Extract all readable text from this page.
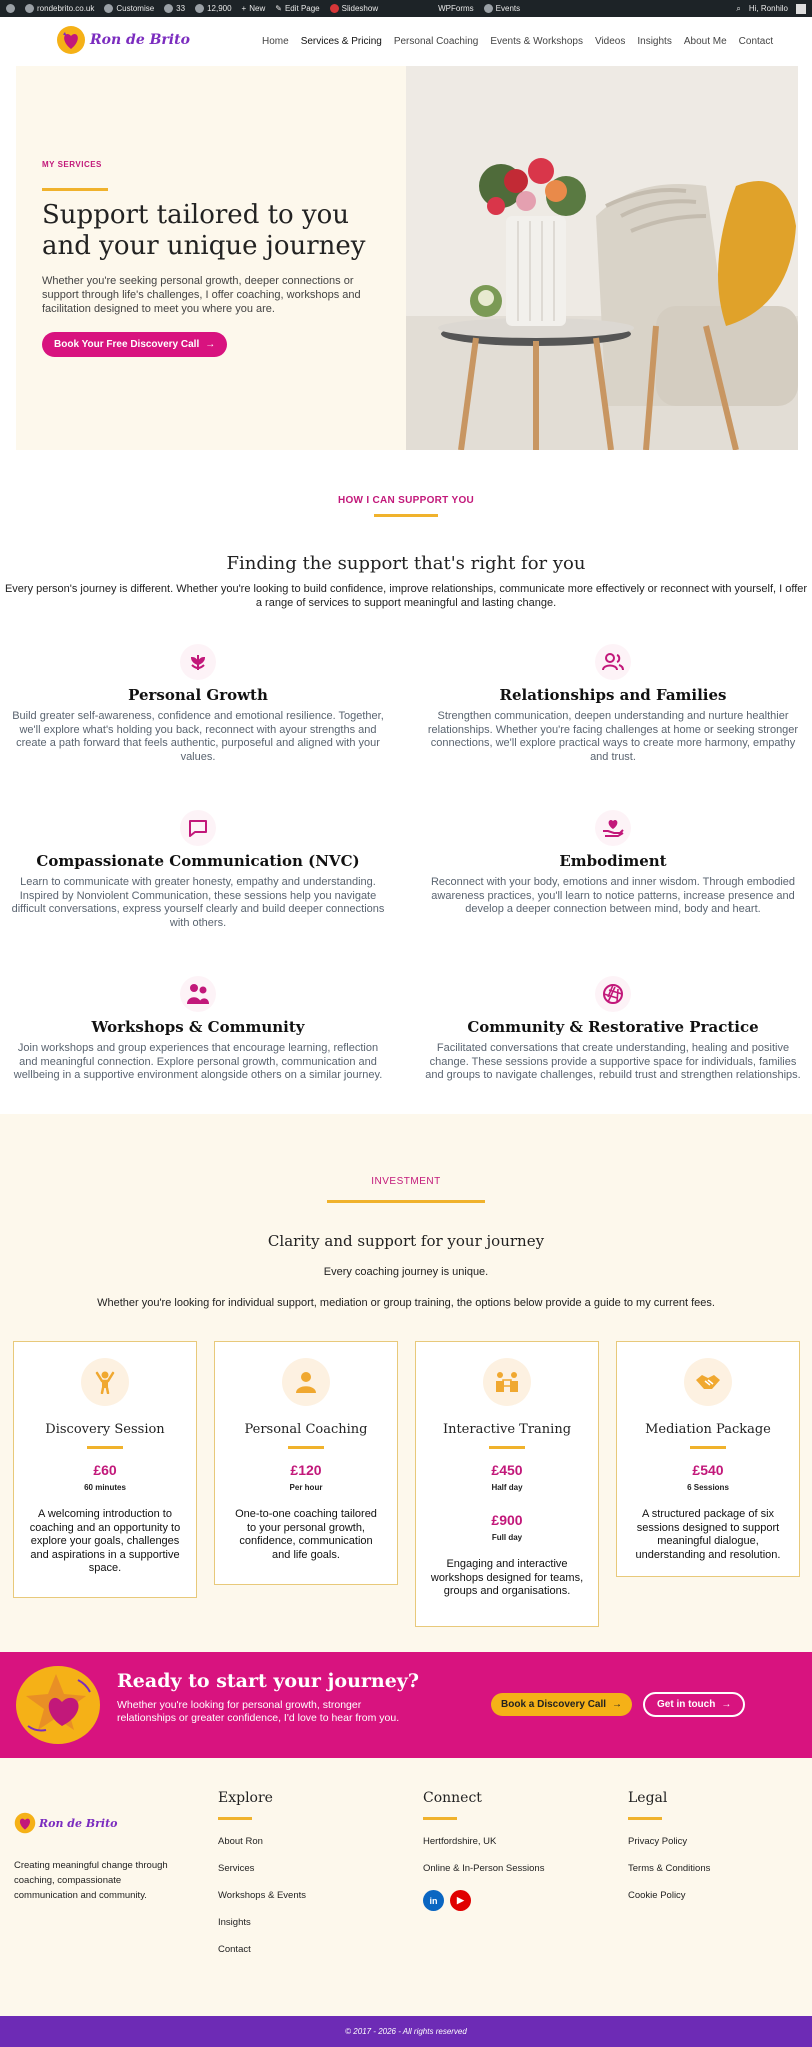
rondebrito.co.uk	Customise	33	12,900 + New ✎ Edit Page	Slideshow	WPForms	Events	⌕ Hi, Ronhilo
Ron de Brito	Home Services & Pricing Personal Coaching Events & Workshops Videos Insights About Me Contact
MY SERVICES
Support tailored to you and your unique journey

Whether you're seeking personal growth, deeper connections or support through life's challenges, I offer coaching, workshops and facilitation designed to meet you where you are.

Book Your Free Discovery Call →
HOW I CAN SUPPORT YOU
Finding the support that's right for you
Every person's journey is different. Whether you're looking to build confidence, improve relationships, communicate more effectively or reconnect with yourself, I offer a range of services to support meaningful and lasting change.
Personal Growth

Build greater self-awareness, confidence and emotional resilience. Together, we'll explore what's holding you back, reconnect with ayour strengths and create a path forward that feels authentic, purposeful and aligned with your values.

Relationships and Families

Strengthen communication, deepen understanding and nurture healthier relationships. Whether you're facing challenges at home or seeking stronger connections, we'll explore practical ways to create more harmony, empathy and trust.

Compassionate Communication (NVC)

Learn to communicate with greater honesty, empathy and understanding. Inspired by Nonviolent Communication, these sessions help you navigate difficult conversations, express yourself clearly and build deeper connections with others.

Embodiment

Reconnect with your body, emotions and inner wisdom. Through embodied awareness practices, you'll learn to notice patterns, increase presence and develop a deeper connection between mind, body and heart.

Workshops & Community

Join workshops and group experiences that encourage learning, reflection and meaningful connection. Explore personal growth, communication and wellbeing in a supportive environment alongside others on a similar journey.

Community & Restorative Practice

Facilitated conversations that create understanding, healing and positive change. These sessions provide a supportive space for individuals, families and groups to navigate challenges, rebuild trust and strengthen relationships.

INVESTMENT
Clarity and support for your journey
Every coaching journey is unique.
Whether you're looking for individual support, mediation or group training, the options below provide a guide to my current fees.
Discovery Session
£60
60 minutes
A welcoming introduction to coaching and an opportunity to explore your goals, challenges and aspirations in a supportive space.
Personal Coaching
£120
Per hour
One-to-one coaching tailored to your personal growth, confidence, communication and life goals.
Interactive Traning
£450
Half day
£900
Full day
Engaging and interactive workshops designed for teams, groups and organisations.
Mediation Package
£540
6 Sessions
A structured package of six sessions designed to support meaningful dialogue, understanding and resolution.
Ready to start your journey?

Whether you're looking for personal growth, stronger relationships or greater confidence, I'd love to hear from you.

Book a Discovery Call →	Get in touch →
Ron de Brito
Creating meaningful change through coaching, compassionate communication and community.
Explore
About Ron
Services
Workshops & Events
Insights
Contact
Connect
Hertfordshire, UK
Online & In-Person Sessions
in	▶
Legal
Privacy Policy
Terms & Conditions
Cookie Policy
© 2017 - 2026 - All rights reserved
